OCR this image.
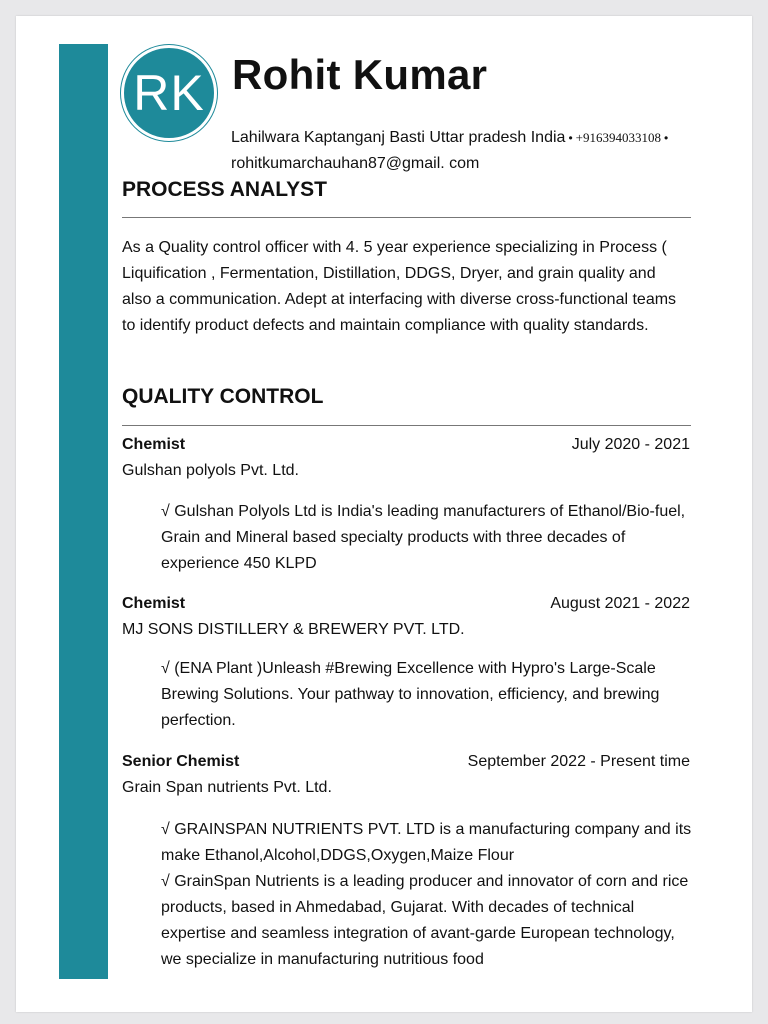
RK Rohit Kumar
Lahilwara Kaptanganj Basti Uttar pradesh India • +916394033108 •
rohitkumarchauhan87@gmail. com
PROCESS ANALYST
As a Quality control officer with 4. 5 year experience specializing in Process ( Liquification , Fermentation, Distillation, DDGS, Dryer, and grain quality and also a communication. Adept at interfacing with diverse cross-functional teams to identify product defects and maintain compliance with quality standards.
QUALITY CONTROL
Chemist	July 2020 - 2021
Gulshan polyols Pvt. Ltd.

√ Gulshan Polyols Ltd is India's leading manufacturers of Ethanol/Bio-fuel, Grain and Mineral based specialty products with three decades of experience 450 KLPD

Chemist	August 2021 - 2022
MJ SONS DISTILLERY & BREWERY PVT. LTD.

√ (ENA Plant )Unleash #Brewing Excellence with Hypro's Large-Scale Brewing Solutions. Your pathway to innovation, efficiency, and brewing perfection.

Senior Chemist	September 2022 - Present time
Grain Span nutrients Pvt. Ltd.

√ GRAINSPAN NUTRIENTS PVT. LTD is a manufacturing company and its make Ethanol,Alcohol,DDGS,Oxygen,Maize Flour

√ GrainSpan Nutrients is a leading producer and innovator of corn and rice products, based in Ahmedabad, Gujarat. With decades of technical expertise and seamless integration of avant-garde European technology, we specialize in manufacturing nutritious food
